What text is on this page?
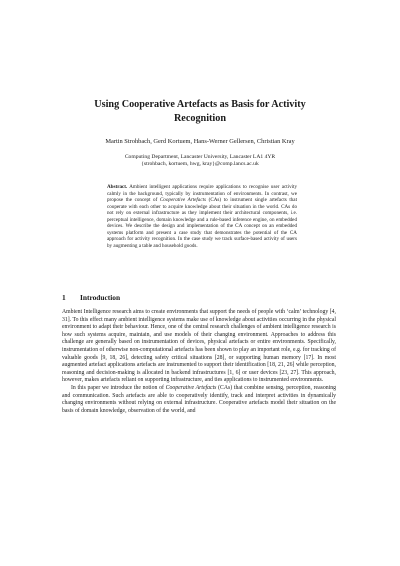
Using Cooperative Artefacts as Basis for Activity
Recognition
Martin Strohbach, Gerd Kortuem, Hans-Werner Gellersen, Christian Kray
Computing Department, Lancaster University, Lancaster LA1 4YR
{strohbach, kortuem, hwg, kray}@comp.lancs.ac.uk
Abstract. Ambient intelligent applications require applications to recognise user activity calmly in the background, typically by instrumentation of environments. In contrast, we propose the concept of Cooperative Artefacts (CAs) to instrument single artefacts that cooperate with each other to acquire knowledge about their situation in the world. CAs do not rely on external infrastructure as they implement their architectural components, i.e. perceptual intelligence, domain knowledge and a rule-based inference engine, on embedded devices. We describe the design and implementation of the CA concept on an embedded systems platform and present a case study that demonstrates the potential of the CA approach for activity recognition. In the case study we track surface-based activity of users by augmenting a table and household goods.
1 Introduction

Ambient Intelligence research aims to create environments that support the needs of people with ‘calm’ technology [4, 31]. To this effect many ambient intelligence systems make use of knowledge about activities occurring in the physical environment to adapt their behaviour. Hence, one of the central research challenges of ambient intelligence research is how such systems acquire, maintain, and use models of their changing environment. Approaches to address this challenge are generally based on instrumentation of devices, physical artefacts or entire environments. Specifically, instrumentation of otherwise non-computational artefacts has been shown to play an important role, e.g. for tracking of valuable goods [9, 18, 26], detecting safety critical situations [28], or supporting human memory [17]. In most augmented artefact applications artefacts are instrumented to support their identification [18, 21, 26] while perception, reasoning and decision-making is allocated in backend infrastructures [1, 6] or user devices [23, 27]. This approach, however, makes artefacts reliant on supporting infrastructure, and ties applications to instrumented environments.

In this paper we introduce the notion of Cooperative Artefacts (CAs) that combine sensing, perception, reasoning and communication. Such artefacts are able to cooperatively identify, track and interpret activities in dynamically changing environments without relying on external infrastructure. Cooperative artefacts model their situation on the basis of domain knowledge, observation of the world, and
